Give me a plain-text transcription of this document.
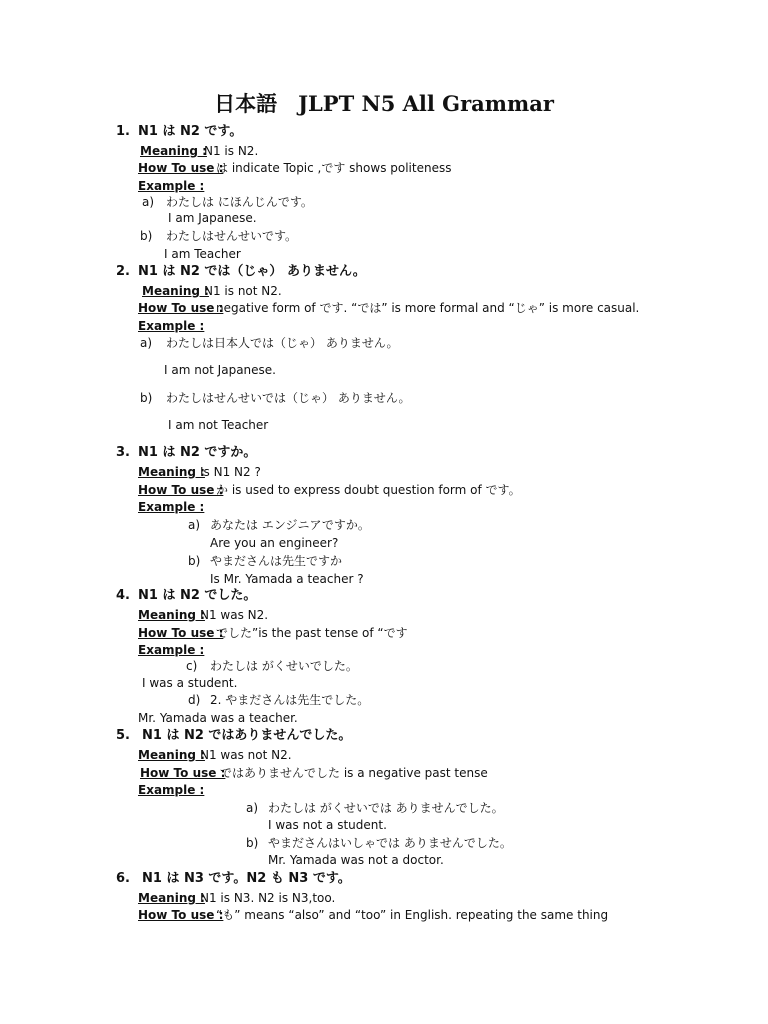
日本語　JLPT N5 All Grammar
1. N1 は N2 です。
Meaning :
N1 is N2.
How To use :
は indicate Topic ,です shows politeness
Example :
a) わたしは にほんじんです。
I am Japanese.
b) わたしはせんせいです。
I am Teacher
2. N1 は N2 では（じゃ） ありません。
Meaning :
N1 is not N2.
How To use :
negative form of です. “では” is more formal and “じゃ” is more casual.
Example :
a) わたしは日本人では（じゃ） ありません。
I am not Japanese.
b) わたしはせんせいでは（じゃ） ありません。
I am not Teacher
3. N1 は N2 ですか。
Meaning :
Is N1 N2 ?
How To use :
か is used to express doubt question form of です。
Example :
a) あなたは エンジニアですか。
Are you an engineer?
b) やまださんは先生ですか
Is Mr. Yamada a teacher ?
4. N1 は N2 でした。
Meaning :
N1 was N2.
How To use :
でした”is the past tense of “です
Example :
c) わたしは がくせいでした。
I was a student.
d) 2. やまださんは先生でした。
Mr. Yamada was a teacher.
5. N1 は N2 ではありませんでした。
Meaning :
N1 was not N2.
How To use :
ではありませんでした is a negative past tense
Example :
a) わたしは がくせいでは ありませんでした。
I was not a student.
b) やまださんはいしゃでは ありませんでした。
Mr. Yamada was not a doctor.
6. N1 は N3 です。N2 も N3 です。
Meaning :
N1 is N3. N2 is N3,too.
How To use :
“も” means “also” and “too” in English. repeating the same thing
